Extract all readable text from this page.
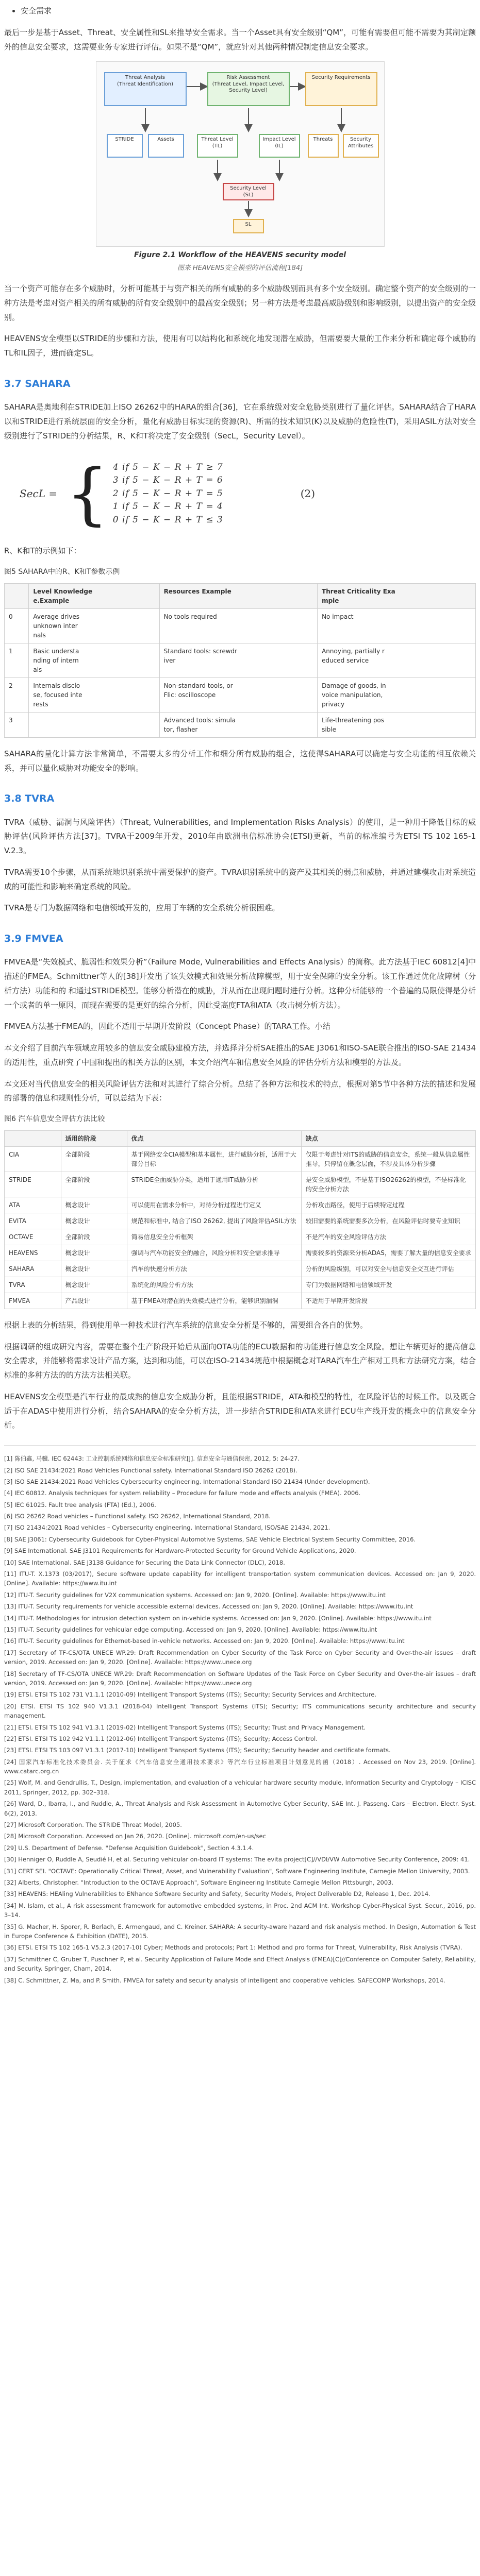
• 安全需求

最后一步是基于Asset、Threat、安全属性和SL来推导安全需求。当一个Asset具有安全级别“QM”，可能有需要但可能不需要为其制定额外的信息安全要求，这需要业务专家进行评估。如果不是“QM”，就应针对其他两种情况制定信息安全要求。

Threat Analysis
(Threat Identification)
Risk Assessment
(Threat Level, Impact Level, Security Level)
Security Requirements
STRIDE	Assets	Threat Level (TL)
Impact Level (IL)
Threats	Security Attributes
Security Level (SL)
SL
Figure 2.1 Workflow of the HEAVENS security model
图来 HEAVENS安全模型的评估流程[184]

当一个资产可能存在多个威胁时，分析可能基于与资产相关的所有威胁的多个威胁级别而具有多个安全级别。确定整个资产的安全级别的一种方法是考虑对资产相关的所有威胁的所有安全级别中的最高安全级别；另一种方法是考虑最高威胁级别和影响级别，以提出资产的安全级别。

HEAVENS安全模型以STRIDE的步骤和方法，使用有可以结构化和系统化地发现潜在威胁，但需要要大量的工作来分析和确定每个威胁的TL和IL因子，进而确定SL。

3.7 SAHARA

SAHARA是奥地利在STRIDE加上ISO 26262中的HARA的组合[36]，它在系统级对安全危胁类别进行了量化评估。SAHARA结合了HARA以和STRIDE进行系统层面的安全分析，量化有威胁目标实现的资源(R)、所需的技术知识(K)以及威胁的危险性(T)，采用ASIL方法对安全级别进行了STRIDE的分析结果，R、K和T将决定了安全级别（SecL，Security Level）。

SecL = { 4 if 5 − K − R + T ≥ 7
3 if 5 − K − R + T = 6
2 if 5 − K − R + T = 5
1 if 5 − K − R + T = 4
0 if 5 − K − R + T ≤ 3
(2)

R、K和T的示例如下：

图5 SAHARA中的R、K和T参数示例
	Level Knowledge
e.Example	Resources Example	Threat Criticality Exa
mple
0	Average drives
unknown inter
nals	No tools required	No impact
1	Basic understa
nding of intern
als	Standard tools: screwdr
iver	Annoying, partially r
educed service
2	Internals disclo
se, focused inte
rests	Non-standard tools, or
Flic: oscilloscope	Damage of goods, in
voice manipulation,
privacy
3		Advanced tools: simula
tor, flasher	Life-threatening pos
sible

SAHARA的量化计算方法非常简单，不需要太多的分析工作和细分所有威胁的组合，这使得SAHARA可以确定与安全功能的相互依赖关系，并可以量化威胁对功能安全的影响。

3.8 TVRA

TVRA（威胁、漏洞与风险评估）（Threat, Vulnerabilities, and Implementation Risks Analysis）的使用，是一种用于降低目标的威胁评估(风险评估方法[37]。TVRA于2009年开发，2010年由欧洲电信标准协会(ETSI)更新，当前的标准编号为ETSI TS 102 165-1 V.2.3。

TVRA需要10个步骤，从而系统地识别系统中需要保护的资产。TVRA识别系统中的资产及其相关的弱点和威胁，并通过建模攻击对系统造成的可能性和影响来确定系统的风险。

TVRA是专门为数据网络和电信领域开发的，应用于车辆的安全系统分析很困难。

3.9 FMVEA

FMVEA是“失效模式、脆弱性和效果分析”（Failure Mode, Vulnerabilities and Effects Analysis）的简称。此方法基于IEC 60812[4]中描述的FMEA。Schmittner等人的[38]开发出了该失效模式和效果分析故障模型，用于安全保障的安全分析。该工作通过优化故障树（分析方法）功能和的 和通过STRIDE模型。能够分析潜在的威胁，并从而在出现问题时进行分析。这种分析能够的一个普遍的局限使得是分析一个或者的单一原因，而现在需要的是更好的综合分析，因此受高度FTA和ATA（攻击树分析方法）。

FMVEA方法基于FMEA的，因此不适用于早期开发阶段（Concept Phase）的TARA工作。小结

本文介绍了目前汽车领域应用较多的信息安全威胁建模方法，并选择并分析SAE推出的SAE J3061和ISO-SAE联合推出的ISO-SAE 21434的适用性，重点研究了中国和提出的相关方法的区别，本文介绍汽车和信息安全风险的评估分析方法和模型的方法及。

本文还对当代信息安全的相关风险评估方法和对其进行了综合分析。总结了各种方法和技术的特点，根据对第5节中各种方法的描述和发展的部署的信息和规则性分析，可以总结为下表：

图6 汽车信息安全评估方法比较
	适用的阶段	优点	缺点
CIA	全部阶段	基于网络安全CIA模型和基本属性，进行威胁分析，适用于大部分目标	仅限于考虑针对ITS的威胁的信息安全，系统一般从信息属性推导，只停留在概念层面，不涉及具体分析步骤
STRIDE	全部阶段	STRIDE全面威胁分类，适用于通用IT威胁分析	是安全威胁模型，不是基于ISO26262的模型，不是标准化的安全分析方法
ATA	概念设计	可以使用在需求分析中，对待分析过程进行定义	分析攻击路径，使用于后续特定过程
EVITA	概念设计	规范和标准中, 结合了ISO 26262, 提出了风险评估ASIL方法	较旧需要的系统需要多次分析，在风险评估时要专业知识
OCTAVE	全部阶段	简易信息安全分析框架	不是汽车的安全风险评估方法
HEAVENS	概念设计	强调与汽车功能安全的融合，风险分析和安全需求推导	需要较多的资源来分析ADAS，需要了解大量的信息安全要求
SAHARA	概念设计	汽车的快速分析方法	分析的风险级别，可以对安全与信息安全交互进行评估
TVRA	概念设计	系统化的风险分析方法	专门为数据网络和电信领域开发
FMVEA	产品设计	基于FMEA对潜在的失效模式进行分析，能够识别漏洞	不适用于早期开发阶段

根据上表的分析结果，得到使用单一种技术进行汽车系统的信息安全分析是不够的，需要组合各自的优势。

根据调研的组成研究内容，需要在整个生产阶段开始后从面向OTA功能的ECU数据和的功能进行信息安全风险。想让车辆更好的提高信息安全需求，并能够将需求设计产品方案，达到和功能，可以在ISO-21434规范中根据概念对TARA汽车生产相对工具和方法研究方案，结合标准的多种方法的的方法方法相关联。

HEAVENS安全模型是汽车行业的最成熟的信息安全威胁分析，且能根据STRIDE，ATA和模型的特性，在风险评估的时候工作。以及既合适于在ADAS中使用进行分析，结合SAHARA的安全分析方法，进一步结合STRIDE和ATA来进行ECU生产线开发的概念中的信息安全分析。

[1] 陈伯鑫, 马骥. IEC 62443: 工业控制系统网络和信息安全标准研究[J]. 信息安全与通信保密, 2012, 5: 24-27.

[2] ISO SAE 21434:2021 Road Vehicles Functional safety. International Standard ISO 26262 (2018).

[3] ISO SAE 21434:2021 Road Vehicles Cybersecurity engineering. International Standard ISO 21434 (Under development).

[4] IEC 60812. Analysis techniques for system reliability – Procedure for failure mode and effects analysis (FMEA). 2006.

[5] IEC 61025. Fault tree analysis (FTA) (Ed.), 2006.

[6] ISO 26262 Road vehicles – Functional safety. ISO 26262, International Standard, 2018.

[7] ISO 21434:2021 Road vehicles – Cybersecurity engineering. International Standard, ISO/SAE 21434, 2021.

[8] SAE J3061: Cybersecurity Guidebook for Cyber-Physical Automotive Systems, SAE Vehicle Electrical System Security Committee, 2016.

[9] SAE International. SAE J3101 Requirements for Hardware-Protected Security for Ground Vehicle Applications, 2020.

[10] SAE International. SAE J3138 Guidance for Securing the Data Link Connector (DLC), 2018.

[11] ITU-T. X.1373 (03/2017), Secure software update capability for intelligent transportation system communication devices. Accessed on: Jan 9, 2020. [Online]. Available: https://www.itu.int

[12] ITU-T. Security guidelines for V2X communication systems. Accessed on: Jan 9, 2020. [Online]. Available: https://www.itu.int

[13] ITU-T. Security requirements for vehicle accessible external devices. Accessed on: Jan 9, 2020. [Online]. Available: https://www.itu.int

[14] ITU-T. Methodologies for intrusion detection system on in-vehicle systems. Accessed on: Jan 9, 2020. [Online]. Available: https://www.itu.int

[15] ITU-T. Security guidelines for vehicular edge computing. Accessed on: Jan 9, 2020. [Online]. Available: https://www.itu.int

[16] ITU-T. Security guidelines for Ethernet-based in-vehicle networks. Accessed on: Jan 9, 2020. [Online]. Available: https://www.itu.int

[17] Secretary of TF-CS/OTA UNECE WP.29: Draft Recommendation on Cyber Security of the Task Force on Cyber Security and Over-the-air issues – draft version, 2019. Accessed on: Jan 9, 2020. [Online]. Available: https://www.unece.org

[18] Secretary of TF-CS/OTA UNECE WP.29: Draft Recommendation on Software Updates of the Task Force on Cyber Security and Over-the-air issues – draft version, 2019. Accessed on: Jan 9, 2020. [Online]. Available: https://www.unece.org

[19] ETSI. ETSI TS 102 731 V1.1.1 (2010-09) Intelligent Transport Systems (ITS); Security; Security Services and Architecture.

[20] ETSI. ETSI TS 102 940 V1.3.1 (2018-04) Intelligent Transport Systems (ITS); Security; ITS communications security architecture and security management.

[21] ETSI. ETSI TS 102 941 V1.3.1 (2019-02) Intelligent Transport Systems (ITS); Security; Trust and Privacy Management.

[22] ETSI. ETSI TS 102 942 V1.1.1 (2012-06) Intelligent Transport Systems (ITS); Security; Access Control.

[23] ETSI. ETSI TS 103 097 V1.3.1 (2017-10) Intelligent Transport Systems (ITS); Security; Security header and certificate formats.

[24] 国家汽车标准化技术委员会. 关于征求《汽车信息安全通用技术要求》等汽车行业标准项目计划意见的函（2018）. Accessed on Nov 23, 2019. [Online]. www.catarc.org.cn

[25] Wolf, M. and Gendrullis, T., Design, implementation, and evaluation of a vehicular hardware security module, Information Security and Cryptology – ICISC 2011, Springer, 2012, pp. 302–318.

[26] Ward, D., Ibarra, I., and Ruddle, A., Threat Analysis and Risk Assessment in Automotive Cyber Security, SAE Int. J. Passeng. Cars – Electron. Electr. Syst. 6(2), 2013.

[27] Microsoft Corporation. The STRIDE Threat Model, 2005.

[28] Microsoft Corporation. Accessed on Jan 26, 2020. [Online]. microsoft.com/en-us/sec

[29] U.S. Department of Defense. "Defense Acquisition Guidebook", Section 4.3.1.4.

[30] Henniger O, Ruddle A, Seudié H, et al. Securing vehicular on-board IT systems: The evita project[C]//VDI/VW Automotive Security Conference, 2009: 41.

[31] CERT SEI. "OCTAVE: Operationally Critical Threat, Asset, and Vulnerability Evaluation", Software Engineering Institute, Carnegie Mellon University, 2003.

[32] Alberts, Christopher. "Introduction to the OCTAVE Approach", Software Engineering Institute Carnegie Mellon Pittsburgh, 2003.

[33] HEAVENS: HEAling Vulnerabilities to ENhance Software Security and Safety, Security Models, Project Deliverable D2, Release 1, Dec. 2014.

[34] M. Islam, et al., A risk assessment framework for automotive embedded systems, in Proc. 2nd ACM Int. Workshop Cyber-Physical Syst. Secur., 2016, pp. 3–14.

[35] G. Macher, H. Sporer, R. Berlach, E. Armengaud, and C. Kreiner. SAHARA: A security-aware hazard and risk analysis method. In Design, Automation & Test in Europe Conference & Exhibition (DATE), 2015.

[36] ETSI. ETSI TS 102 165-1 V5.2.3 (2017-10) Cyber; Methods and protocols; Part 1: Method and pro forma for Threat, Vulnerability, Risk Analysis (TVRA).

[37] Schmittner C, Gruber T, Puschner P, et al. Security Application of Failure Mode and Effect Analysis (FMEA)[C]//Conference on Computer Safety, Reliability, and Security. Springer, Cham, 2014.

[38] C. Schmittner, Z. Ma, and P. Smith. FMVEA for safety and security analysis of intelligent and cooperative vehicles. SAFECOMP Workshops, 2014.
